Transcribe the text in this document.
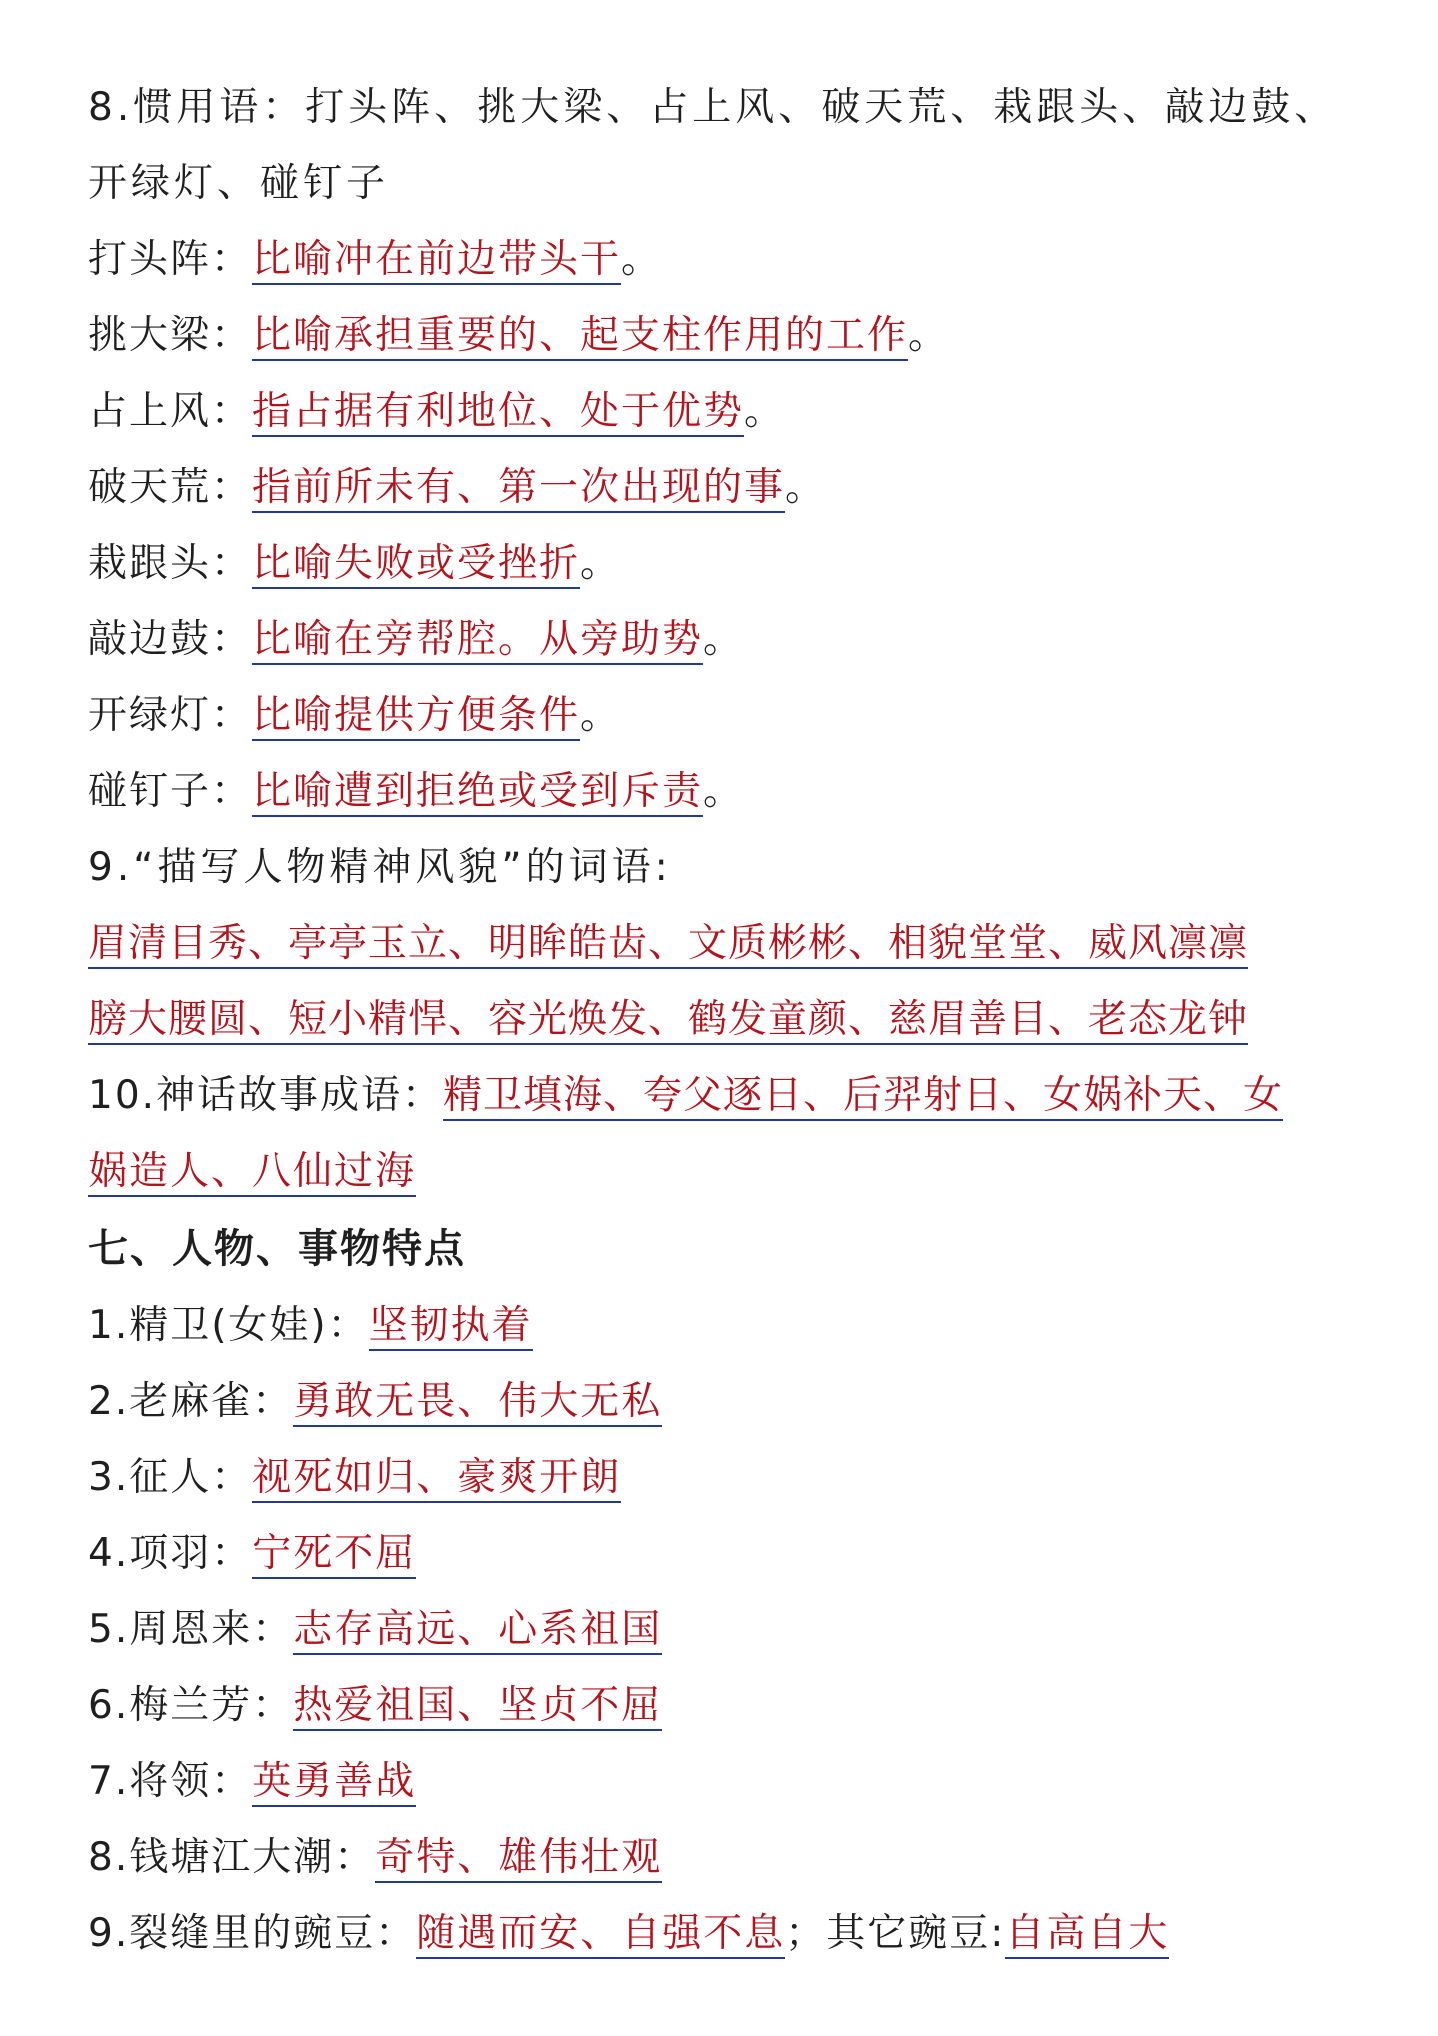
8.惯用语：打头阵、挑大梁、占上风、破天荒、栽跟头、敲边鼓、
开绿灯、碰钉子
打头阵：比喻冲在前边带头干。
挑大梁：比喻承担重要的、起支柱作用的工作。
占上风：指占据有利地位、处于优势。
破天荒：指前所未有、第一次出现的事。
栽跟头：比喻失败或受挫折。
敲边鼓：比喻在旁帮腔。从旁助势。
开绿灯：比喻提供方便条件。
碰钉子：比喻遭到拒绝或受到斥责。
9.“描写人物精神风貌”的词语:
眉清目秀、亭亭玉立、明眸皓齿、文质彬彬、相貌堂堂、威风凛凛
膀大腰圆、短小精悍、容光焕发、鹤发童颜、慈眉善目、老态龙钟
10.神话故事成语：精卫填海、夸父逐日、后羿射日、女娲补天、女
娲造人、八仙过海
七、人物、事物特点
1.精卫(女娃)：坚韧执着
2.老麻雀：勇敢无畏、伟大无私
3.征人：视死如归、豪爽开朗
4.项羽：宁死不屈
5.周恩来：志存高远、心系祖国
6.梅兰芳：热爱祖国、坚贞不屈
7.将领：英勇善战
8.钱塘江大潮：奇特、雄伟壮观
9.裂缝里的豌豆：随遇而安、自强不息；其它豌豆:自高自大
